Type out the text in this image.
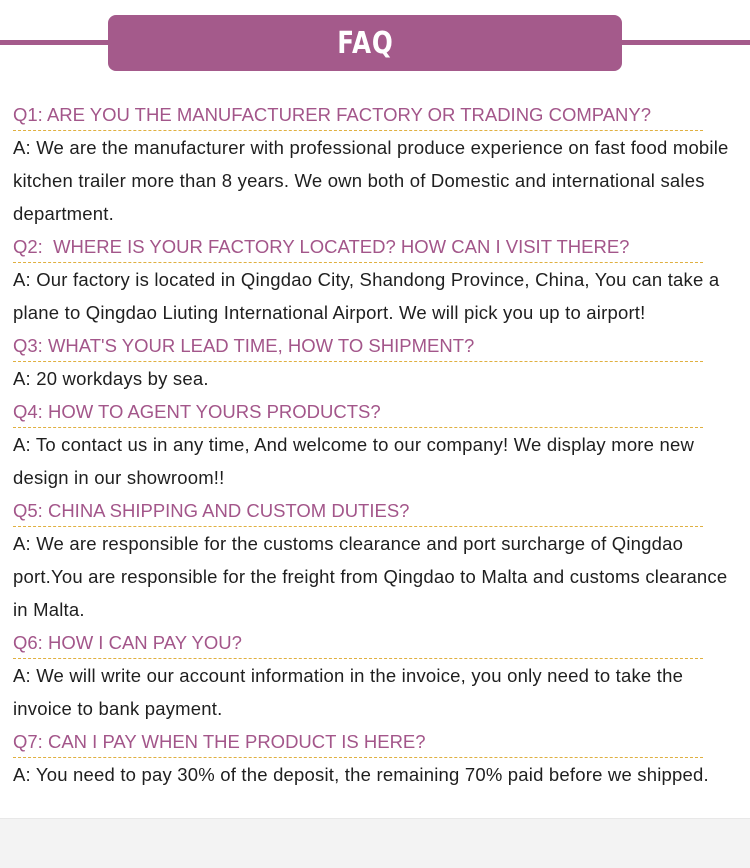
FAQ
Q1: ARE YOU THE MANUFACTURER FACTORY OR TRADING COMPANY?

A: We are the manufacturer with professional produce experience on fast food mobile kitchen trailer more than 8 years. We own both of Domestic and international sales department.

Q2:  WHERE IS YOUR FACTORY LOCATED? HOW CAN I VISIT THERE?

A: Our factory is located in Qingdao City, Shandong Province, China, You can take a plane to Qingdao Liuting International Airport. We will pick you up to airport!

Q3: WHAT'S YOUR LEAD TIME, HOW TO SHIPMENT?

A: 20 workdays by sea.

Q4: HOW TO AGENT YOURS PRODUCTS?

A: To contact us in any time, And welcome to our company! We display more new design in our showroom!!

Q5: CHINA SHIPPING AND CUSTOM DUTIES?

A: We are responsible for the customs clearance and port surcharge of Qingdao port.You are responsible for the freight from Qingdao to Malta and customs clearance in Malta.

Q6: HOW I CAN PAY YOU?

A: We will write our account information in the invoice, you only need to take the invoice to bank payment.

Q7: CAN I PAY WHEN THE PRODUCT IS HERE?

A: You need to pay 30% of the deposit, the remaining 70% paid before we shipped.
